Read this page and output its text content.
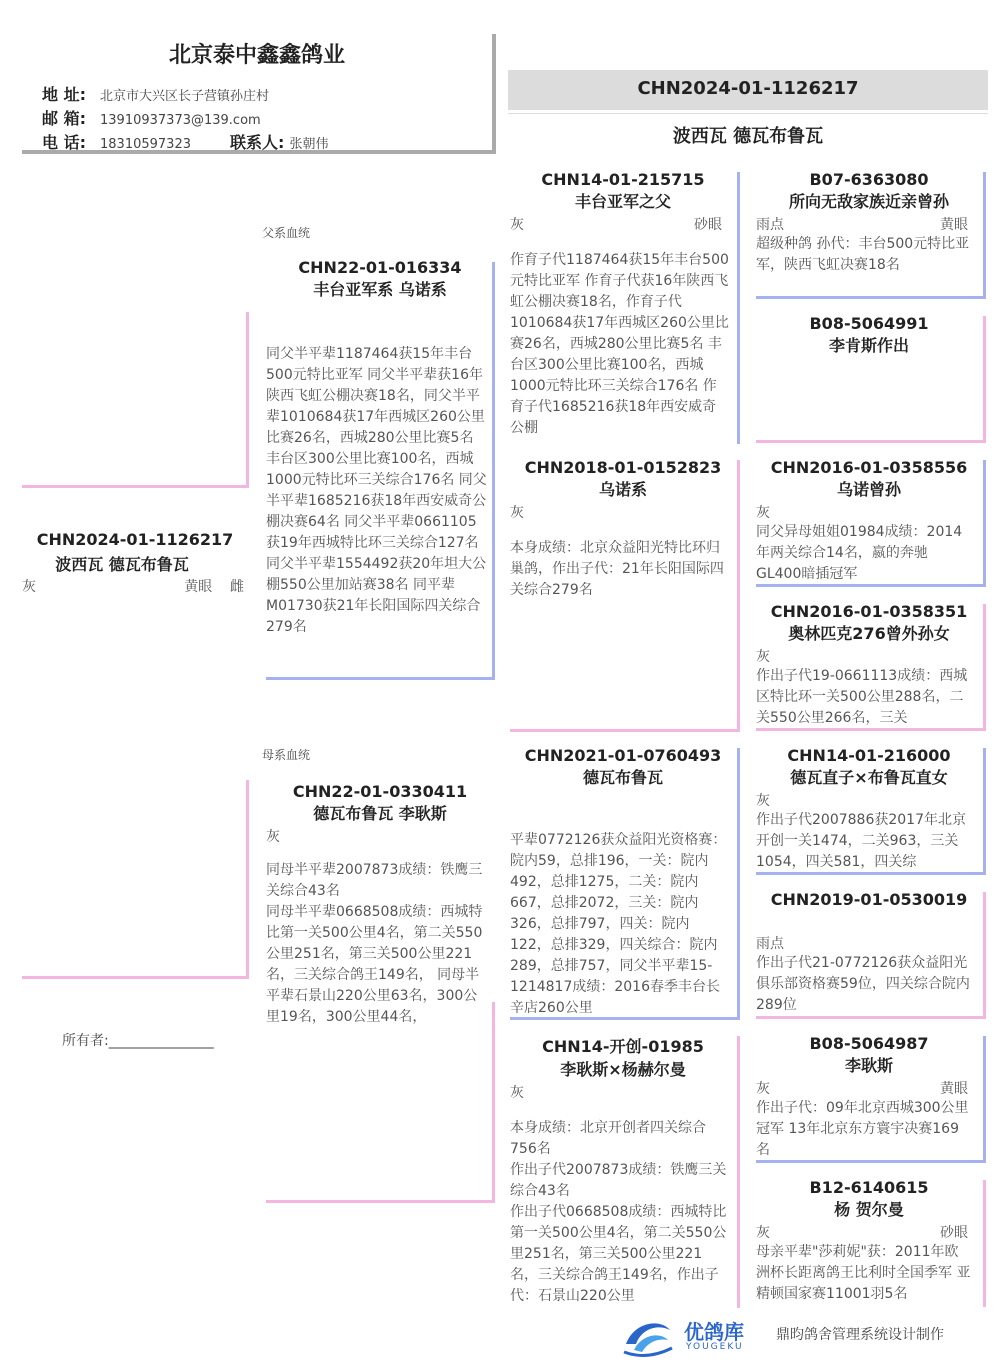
北京泰中鑫鑫鸽业
地 址: 北京市大兴区长子营镇孙庄村
邮 箱: 13910937373@139.com
电 话: 18310597323 联系人: 张朝伟
CHN2024-01-1126217
波西瓦 德瓦布鲁瓦
CHN2024-01-1126217
波西瓦 德瓦布鲁瓦
灰	黄眼 雌
所有者:_______________
父系血统
母系血统
CHN22-01-016334
丰台亚军系 乌诺系
同父半平辈1187464获15年丰台500元特比亚军 同父半平辈获16年陕西飞虹公棚决赛18名，同父半平辈1010684获17年西城区260公里比赛26名，西城280公里比赛5名 丰台区300公里比赛100名，西城1000元特比环三关综合176名 同父半平辈1685216获18年西安威奇公棚决赛64名 同父半平辈0661105获19年西城特比环三关综合127名 同父半平辈1554492获20年坦大公棚550公里加站赛38名 同平辈M01730获21年长阳国际四关综合279名
CHN22-01-0330411
德瓦布鲁瓦 李耿斯
灰
同母半平辈2007873成绩：铁鹰三关综合43名
同母半平辈0668508成绩：西城特比第一关500公里4名，第二关550公里251名，第三关500公里221名，三关综合鸽王149名， 同母半平辈石景山220公里63名，300公里19名，300公里44名，
CHN14-01-215715
丰台亚军之父
灰	砂眼
作育子代1187464获15年丰台500元特比亚军 作育子代获16年陕西飞虹公棚决赛18名，作育子代1010684获17年西城区260公里比赛26名，西城280公里比赛5名 丰台区300公里比赛100名，西城1000元特比环三关综合176名 作育子代1685216获18年西安威奇公棚
CHN2018-01-0152823
乌诺系
灰
本身成绩：北京众益阳光特比环归巢鸽，作出子代：21年长阳国际四关综合279名
CHN2021-01-0760493
德瓦布鲁瓦
平辈0772126获众益阳光资格赛：院内59，总排196，一关：院内492，总排1275，二关：院内667，总排2072，三关：院内326，总排797，四关：院内122，总排329，四关综合：院内289，总排757，同父半平辈15-1214817成绩：2016春季丰台长辛店260公里
CHN14-开创-01985
李耿斯×杨赫尔曼
灰
本身成绩：北京开创者四关综合756名
作出子代2007873成绩：铁鹰三关综合43名
作出子代0668508成绩：西城特比第一关500公里4名，第二关550公里251名，第三关500公里221名，三关综合鸽王149名，作出子代：石景山220公里
B07-6363080
所向无敌家族近亲曾孙
雨点	黄眼
超级种鸽 孙代：丰台500元特比亚军，陕西飞虹决赛18名
B08-5064991
李肯斯作出
CHN2016-01-0358556
乌诺曾孙
灰
同父异母姐姐01984成绩：2014年两关综合14名，嬴的奔驰GL400暗插冠军
CHN2016-01-0358351
奥林匹克276曾外孙女
灰
作出子代19-0661113成绩：西城区特比环一关500公里288名，二关550公里266名，三关
CHN14-01-216000
德瓦直子×布鲁瓦直女
灰
作出子代2007886获2017年北京开创一关1474，二关963，三关1054，四关581，四关综
CHN2019-01-0530019
雨点
作出子代21-0772126获众益阳光俱乐部资格赛59位，四关综合院内289位
B08-5064987
李耿斯
灰	黄眼
作出子代：09年北京西城300公里冠军 13年北京东方寰宇决赛169名
B12-6140615
杨 贺尔曼
灰	砂眼
母亲平辈"莎莉妮"获：2011年欧洲杯长距离鸽王比利时全国季军 亚精顿国家赛11001羽5名
优鸽库
YOUGEKU
鼎昀鸽舍管理系统设计制作
